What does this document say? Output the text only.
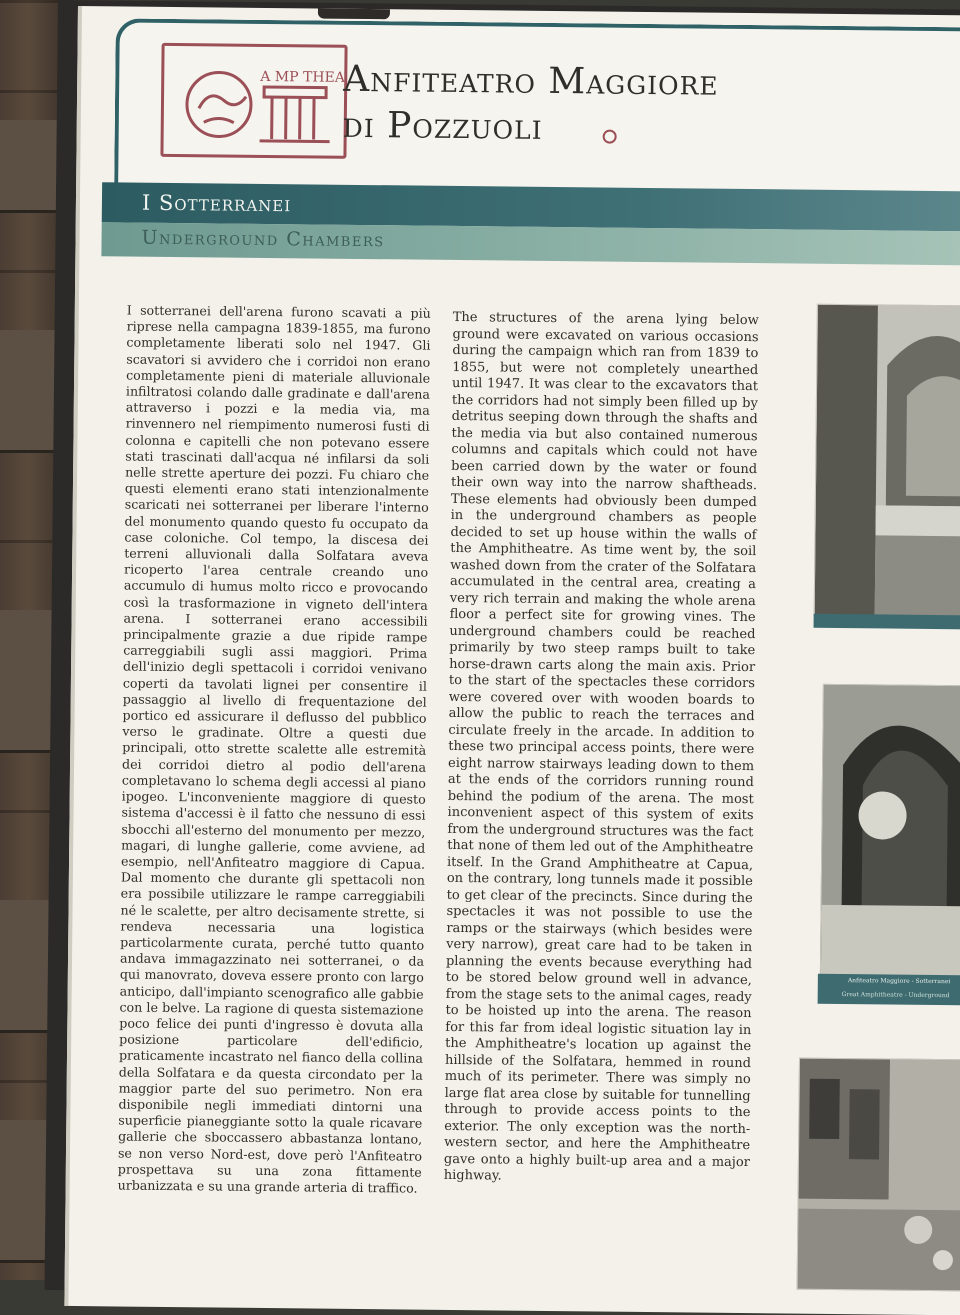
A MP THEAT
Anfiteatro Maggiore
di Pozzuoli
I Sotterranei
Underground Chambers

I sotterranei dell'arena furono scavati a più riprese nella campagna 1839-1855, ma furono completamente liberati solo nel 1947. Gli scavatori si avvidero che i corridoi non erano completamente pieni di materiale alluvionale infiltratosi colando dalle gradinate e dall'arena attraverso i pozzi e la media via, ma rinvennero nel riempimento numerosi fusti di colonna e capitelli che non potevano essere stati trascinati dall'acqua né infilarsi da soli nelle strette aperture dei pozzi. Fu chiaro che questi elementi erano stati intenzionalmente scaricati nei sotterranei per liberare l'interno del monumento quando questo fu occupato da case coloniche. Col tempo, la discesa dei terreni alluvionali dalla Solfatara aveva ricoperto l'area centrale creando uno accumulo di humus molto ricco e provocando così la trasformazione in vigneto dell'intera arena. I sotterranei erano accessibili principalmente grazie a due ripide rampe carreggiabili sugli assi maggiori. Prima dell'inizio degli spettacoli i corridoi venivano coperti da tavolati lignei per consentire il passaggio al livello di frequentazione del portico ed assicurare il deflusso del pubblico verso le gradinate. Oltre a questi due principali, otto strette scalette alle estremità dei corridoi dietro al podio dell'arena completavano lo schema degli accessi al piano ipogeo. L'inconveniente maggiore di questo sistema d'accessi è il fatto che nessuno di essi sbocchi all'esterno del monumento per mezzo, magari, di lunghe gallerie, come avviene, ad esempio, nell'Anfiteatro maggiore di Capua. Dal momento che durante gli spettacoli non era possibile utilizzare le rampe carreggiabili né le scalette, per altro decisamente strette, si rendeva necessaria una logistica particolarmente curata, perché tutto quanto andava immagazzinato nei sotterranei, o da qui manovrato, doveva essere pronto con largo anticipo, dall'impianto scenografico alle gabbie con le belve. La ragione di questa sistemazione poco felice dei punti d'ingresso è dovuta alla posizione particolare dell'edificio, praticamente incastrato nel fianco della collina della Solfatara e da questa circondato per la maggior parte del suo perimetro. Non era disponibile negli immediati dintorni una superficie pianeggiante sotto la quale ricavare gallerie che sboccassero abbastanza lontano, se non verso Nord-est, dove però l'Anfiteatro prospettava su una zona fittamente urbanizzata e su una grande arteria di traffico.

The structures of the arena lying below ground were excavated on various occasions during the campaign which ran from 1839 to 1855, but were not completely unearthed until 1947. It was clear to the excavators that the corridors had not simply been filled up by detritus seeping down through the shafts and the media via but also contained numerous columns and capitals which could not have been carried down by the water or found their own way into the narrow shaftheads. These elements had obviously been dumped in the underground chambers as people decided to set up house within the walls of the Amphitheatre. As time went by, the soil washed down from the crater of the Solfatara accumulated in the central area, creating a very rich terrain and making the whole arena floor a perfect site for growing vines. The underground chambers could be reached primarily by two steep ramps built to take horse-drawn carts along the main axis. Prior to the start of the spectacles these corridors were covered over with wooden boards to allow the public to reach the terraces and circulate freely in the arcade. In addition to these two principal access points, there were eight narrow stairways leading down to them at the ends of the corridors running round behind the podium of the arena. The most inconvenient aspect of this system of exits from the underground structures was the fact that none of them led out of the Amphitheatre itself. In the Grand Amphitheatre at Capua, on the contrary, long tunnels made it possible to get clear of the precincts. Since during the spectacles it was not possible to use the ramps or the stairways (which besides were very narrow), great care had to be taken in planning the events because everything had to be stored below ground well in advance, from the stage sets to the animal cages, ready to be hoisted up into the arena. The reason for this far from ideal logistic situation lay in the Amphitheatre's location up against the hillside of the Solfatara, hemmed in round much of its perimeter. There was simply no large flat area close by suitable for tunnelling through to provide access points to the exterior. The only exception was the north-western sector, and here the Amphitheatre gave onto a highly built-up area and a major highway.

Anfiteatro Maggiore - Sotterranei
Great Amphitheatre - Underground
